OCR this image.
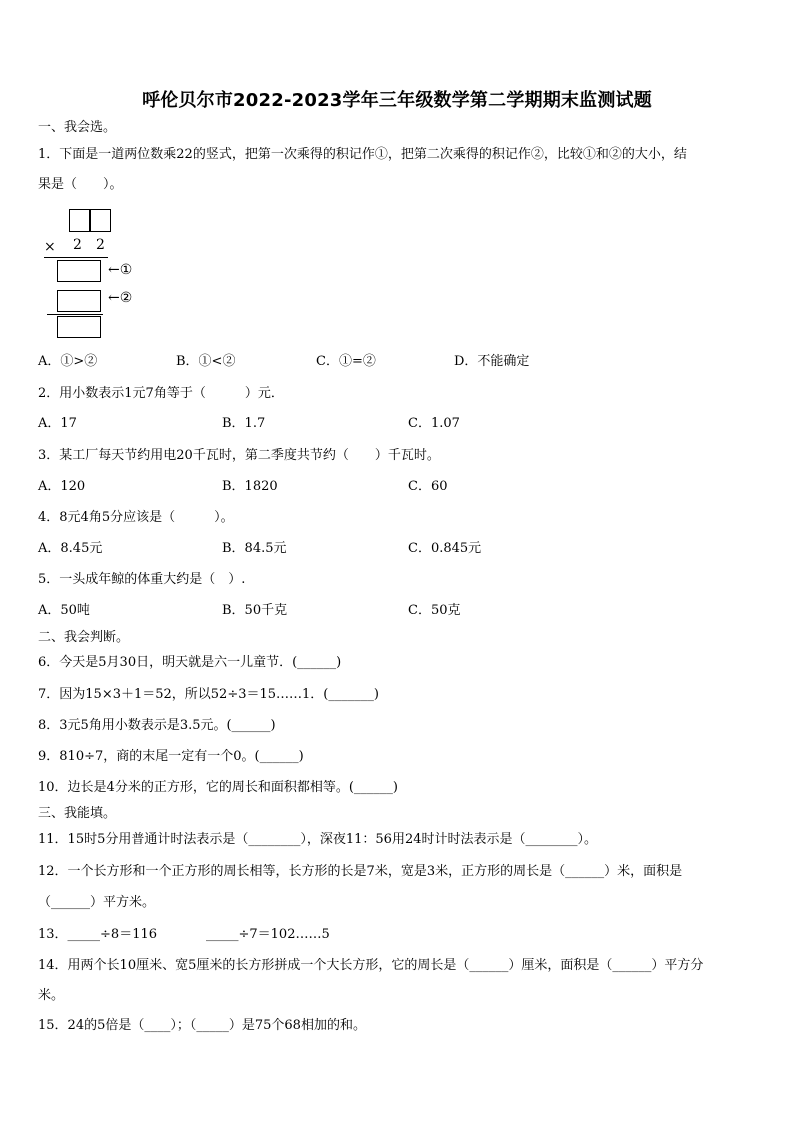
呼伦贝尔市2022-2023学年三年级数学第二学期期末监测试题
一、我会选。
1．下面是一道两位数乘22的竖式，把第一次乘得的积记作①，把第二次乘得的积记作②，比较①和②的大小，结
果是（　　）。
× 2 2
←①
←②
A．①>②	B．①<②	C．①=②	D．不能确定
2．用小数表示1元7角等于（　　　）元．
A．17	B．1.7	C．1.07
3．某工厂每天节约用电20千瓦时，第二季度共节约（　　）千瓦时。
A．120	B．1820	C．60
4．8元4角5分应该是（　　　）。
A．8.45元	B．84.5元	C．0.845元
5．一头成年鲸的体重大约是（　）.
A．50吨	B．50千克	C．50克
二、我会判断。
6．今天是5月30日，明天就是六一儿童节．(______)
7．因为15×3＋1＝52，所以52÷3＝15……1．(_______)
8．3元5角用小数表示是3.5元。(______)
9．810÷7，商的末尾一定有一个0。(______)
10．边长是4分米的正方形，它的周长和面积都相等。(______)
三、我能填。
11．15时5分用普通计时法表示是（________），深夜11：56用24时计时法表示是（________）。
12．一个长方形和一个正方形的周长相等，长方形的长是7米，宽是3米，正方形的周长是（______）米，面积是
（______）平方米。
13．_____÷8＝116	_____÷7＝102……5
14．用两个长10厘米、宽5厘米的长方形拼成一个大长方形，它的周长是（______）厘米，面积是（______）平方分
米。
15．24的5倍是（____）；（_____）是75个68相加的和。
